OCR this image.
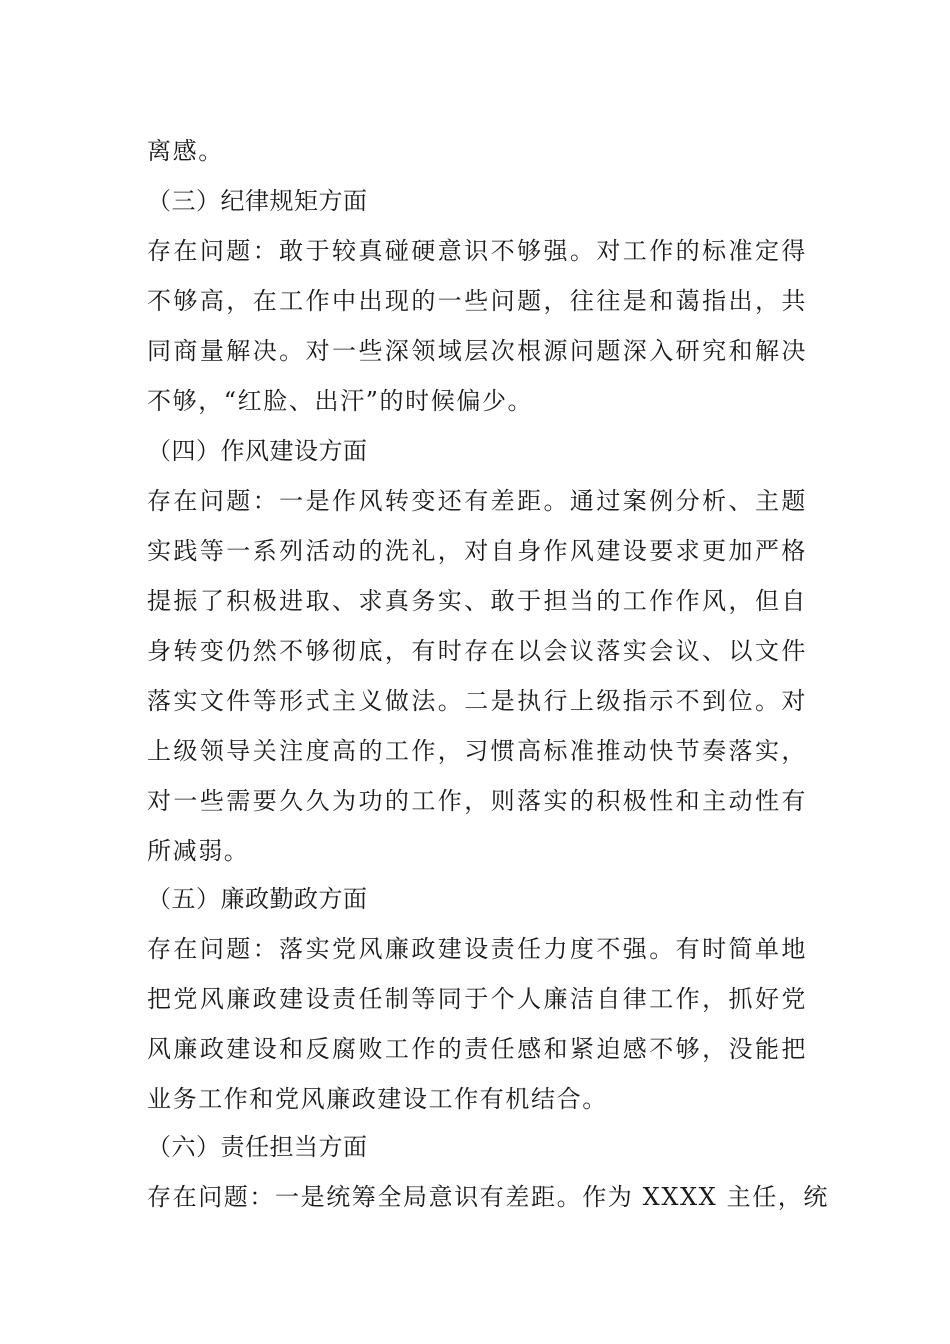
离感。
（三）纪律规矩方面
存在问题：敢于较真碰硬意识不够强。对工作的标准定得
不够高，在工作中出现的一些问题，往往是和蔼指出，共
同商量解决。对一些深领域层次根源问题深入研究和解决
不够，“红脸、出汗”的时候偏少。
（四）作风建设方面
存在问题：一是作风转变还有差距。通过案例分析、主题
实践等一系列活动的洗礼，对自身作风建设要求更加严格
提振了积极进取、求真务实、敢于担当的工作作风，但自
身转变仍然不够彻底，有时存在以会议落实会议、以文件
落实文件等形式主义做法。二是执行上级指示不到位。对
上级领导关注度高的工作，习惯高标准推动快节奏落实，
对一些需要久久为功的工作，则落实的积极性和主动性有
所减弱。
（五）廉政勤政方面
存在问题：落实党风廉政建设责任力度不强。有时简单地
把党风廉政建设责任制等同于个人廉洁自律工作，抓好党
风廉政建设和反腐败工作的责任感和紧迫感不够，没能把
业务工作和党风廉政建设工作有机结合。
（六）责任担当方面
存在问题：一是统筹全局意识有差距。作为 XXXX 主任，统
